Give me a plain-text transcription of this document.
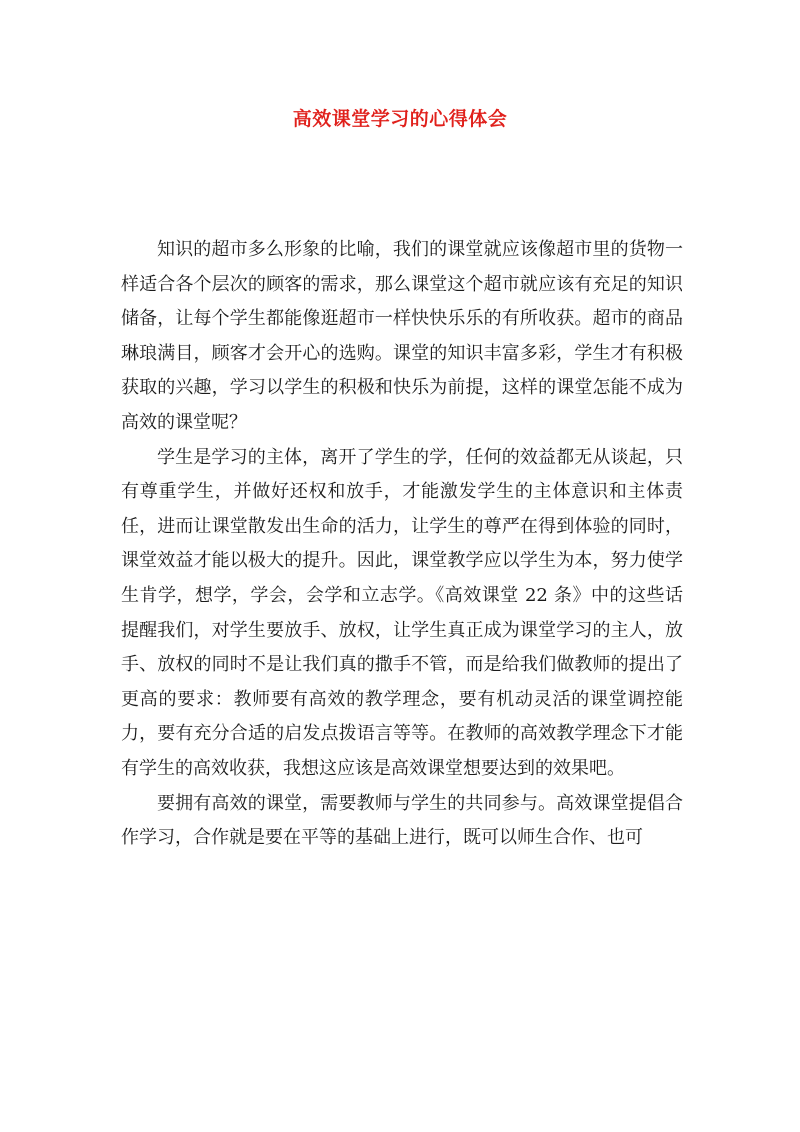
高效课堂学习的心得体会

知识的超市多么形象的比喻，我们的课堂就应该像超市里的货物一样适合各个层次的顾客的需求，那么课堂这个超市就应该有充足的知识储备，让每个学生都能像逛超市一样快快乐乐的有所收获。超市的商品琳琅满目，顾客才会开心的选购。课堂的知识丰富多彩，学生才有积极获取的兴趣，学习以学生的积极和快乐为前提，这样的课堂怎能不成为高效的课堂呢？

学生是学习的主体，离开了学生的学，任何的效益都无从谈起，只有尊重学生，并做好还权和放手，才能激发学生的主体意识和主体责任，进而让课堂散发出生命的活力，让学生的尊严在得到体验的同时，课堂效益才能以极大的提升。因此，课堂教学应以学生为本，努力使学生肯学，想学，学会，会学和立志学。《高效课堂 22 条》中的这些话提醒我们，对学生要放手、放权，让学生真正成为课堂学习的主人，放手、放权的同时不是让我们真的撒手不管，而是给我们做教师的提出了更高的要求：教师要有高效的教学理念，要有机动灵活的课堂调控能力，要有充分合适的启发点拨语言等等。在教师的高效教学理念下才能有学生的高效收获，我想这应该是高效课堂想要达到的效果吧。

要拥有高效的课堂，需要教师与学生的共同参与。高效课堂提倡合作学习，合作就是要在平等的基础上进行，既可以师生合作、也可
